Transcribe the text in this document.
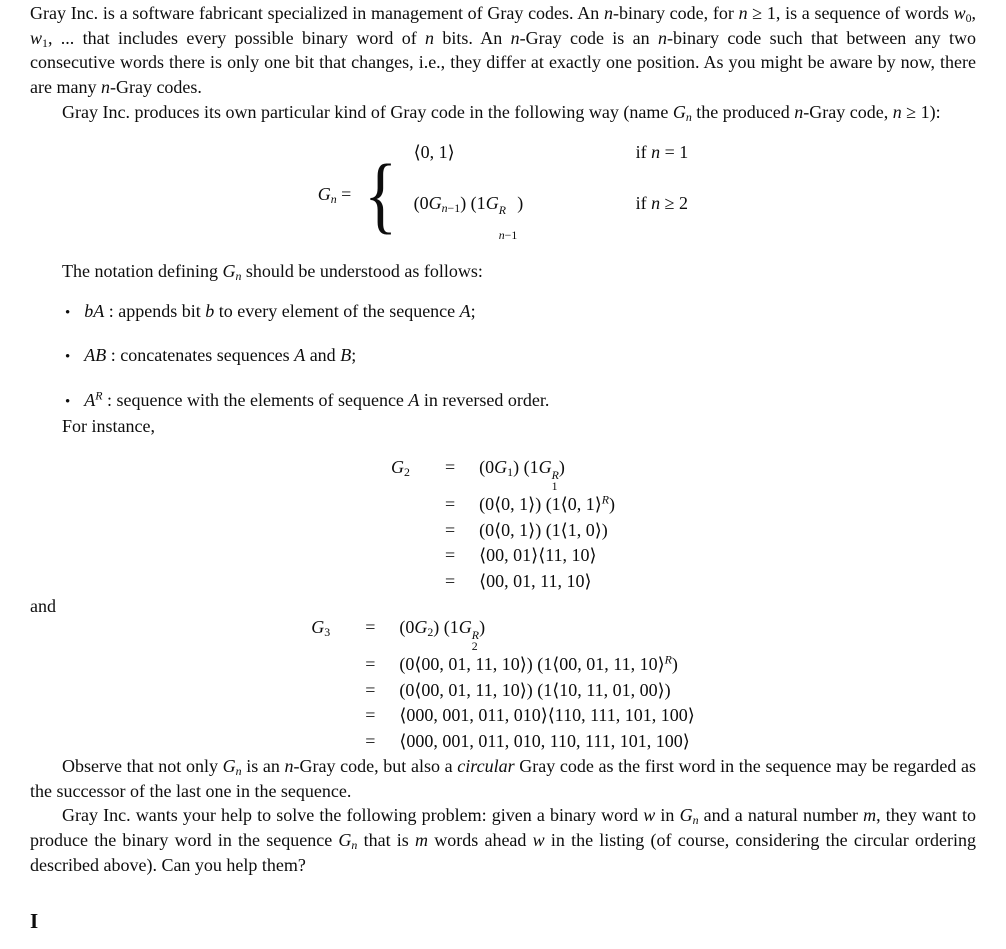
Gray Inc. is a software fabricant specialized in management of Gray codes. An n-binary code, for n ≥ 1, is a sequence of words $w_0$, $w_1$, ... that includes every possible binary word of n bits. An n-Gray code is an n-binary code such that between any two consecutive words there is only one bit that changes, i.e., they differ at exactly one position. As you might be aware by now, there are many n-Gray codes.

Gray Inc. produces its own particular kind of Gray code in the following way (name $G_n$ the produced n-Gray code, n ≥ 1):

$G_n$ = { ⟨0, 1⟩	if n = 1
$(0G_{n-1})$ (1G R
n−1
)	if n ≥ 2

The notation defining $G_n$ should be understood as follows:

• bA : appends bit b to every element of the sequence A;
• AB : concatenates sequences A and B;
• $A^R$ : sequence with the elements of sequence A in reversed order.

For instance,

$G_2$	= $(0G_1)$ (1G R
1
)
= (0⟨0, 1⟩) (1⟨0, 1⟩$^R$)
= (0⟨0, 1⟩) (1⟨1, 0⟩)
= ⟨00, 01⟩⟨11, 10⟩
= ⟨00, 01, 11, 10⟩

and

$G_3$	= $(0G_2)$ (1G R
2
)
= (0⟨00, 01, 11, 10⟩) (1⟨00, 01, 11, 10⟩$^R$)
= (0⟨00, 01, 11, 10⟩) (1⟨10, 11, 01, 00⟩)
= ⟨000, 001, 011, 010⟩⟨110, 111, 101, 100⟩
= ⟨000, 001, 011, 010, 110, 111, 101, 100⟩

Observe that not only $G_n$ is an n-Gray code, but also a circular Gray code as the first word in the sequence may be regarded as the successor of the last one in the sequence.

Gray Inc. wants your help to solve the following problem: given a binary word w in $G_n$ and a natural number m, they want to produce the binary word in the sequence $G_n$ that is m words ahead w in the listing (of course, considering the circular ordering described above). Can you help them?

I
